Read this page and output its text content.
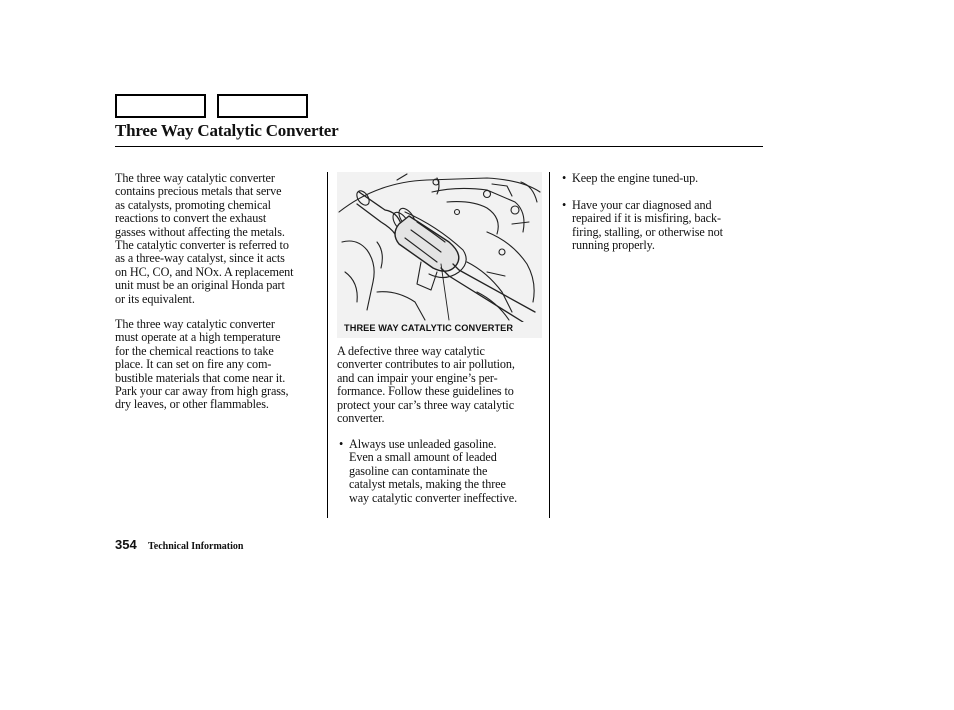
Three Way Catalytic Converter

The three way catalytic converter
contains precious metals that serve
as catalysts, promoting chemical
reactions to convert the exhaust
gasses without affecting the metals.
The catalytic converter is referred to
as a three-way catalyst, since it acts
on HC, CO, and NOx. A replacement
unit must be an original Honda part
or its equivalent.

The three way catalytic converter
must operate at a high temperature
for the chemical reactions to take
place. It can set on fire any com-
bustible materials that come near it.
Park your car away from high grass,
dry leaves, or other flammables.

THREE WAY CATALYTIC CONVERTER

A defective three way catalytic
converter contributes to air pollution,
and can impair your engine’s per-
formance. Follow these guidelines to
protect your car’s three way catalytic
converter.

• Always use unleaded gasoline.
Even a small amount of leaded
gasoline can contaminate the
catalyst metals, making the three
way catalytic converter ineffective.
• Keep the engine tuned-up.
• Have your car diagnosed and
repaired if it is misfiring, back-
firing, stalling, or otherwise not
running properly.
354 Technical Information
